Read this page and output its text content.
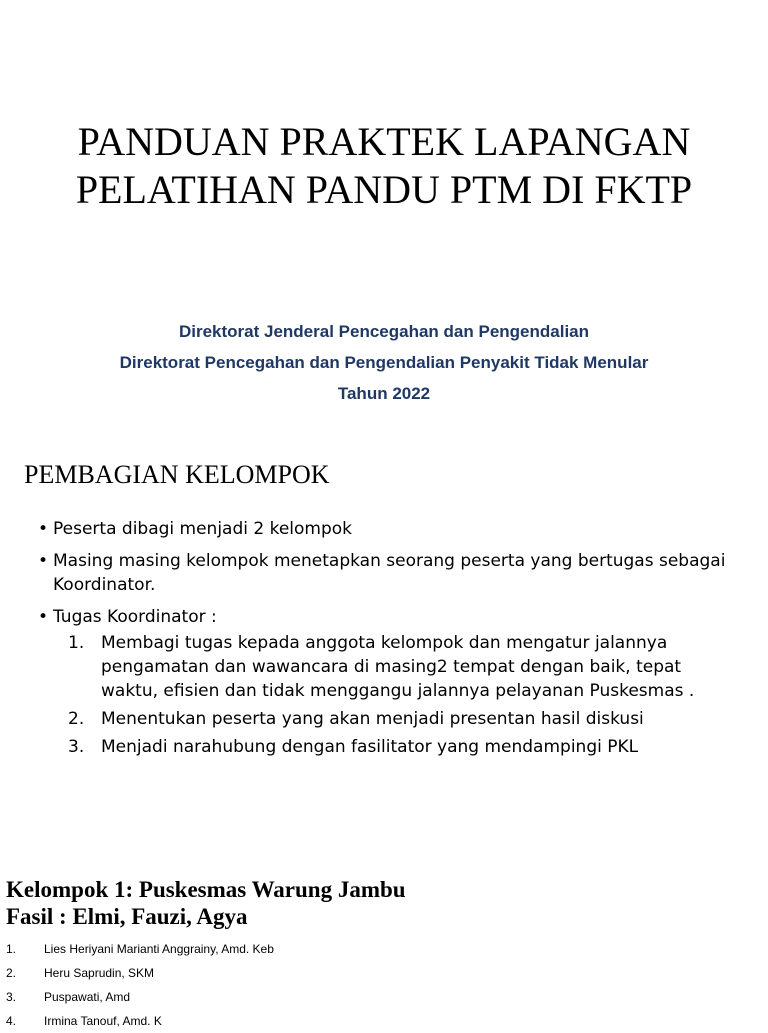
PANDUAN PRAKTEK LAPANGAN
PELATIHAN PANDU PTM DI FKTP
Direktorat Jenderal Pencegahan dan Pengendalian
Direktorat Pencegahan dan Pengendalian Penyakit Tidak Menular
Tahun 2022
PEMBAGIAN KELOMPOK
• Peserta dibagi menjadi 2 kelompok
• Masing masing kelompok menetapkan seorang peserta yang bertugas sebagai Koordinator.
• Tugas Koordinator :
1. Membagi tugas kepada anggota kelompok dan mengatur jalannya pengamatan dan wawancara di masing2 tempat dengan baik, tepat waktu, efisien dan tidak menggangu jalannya pelayanan Puskesmas .
2. Menentukan peserta yang akan menjadi presentan hasil diskusi
3. Menjadi narahubung dengan fasilitator yang mendampingi PKL
Kelompok 1: Puskesmas Warung Jambu
Fasil : Elmi, Fauzi, Agya
1. Lies Heriyani Marianti Anggrainy, Amd. Keb
2. Heru Saprudin, SKM
3. Puspawati, Amd
4. Irmina Tanouf, Amd. K
